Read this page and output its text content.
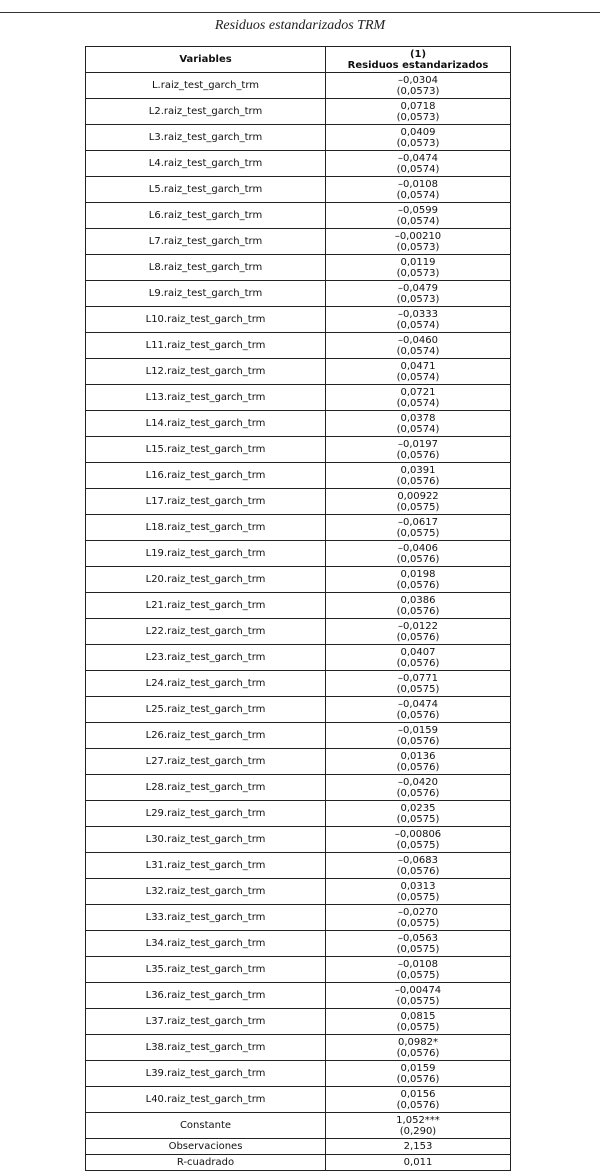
Residuos estandarizados TRM
Variables	(1)
Residuos estandarizados

L.raiz_test_garch_trm	–0,0304
(0,0573)

L2.raiz_test_garch_trm	0,0718
(0,0573)

L3.raiz_test_garch_trm	0,0409
(0,0573)

L4.raiz_test_garch_trm	–0,0474
(0,0574)

L5.raiz_test_garch_trm	–0,0108
(0,0574)

L6.raiz_test_garch_trm	–0,0599
(0,0574)

L7.raiz_test_garch_trm	–0,00210
(0,0573)

L8.raiz_test_garch_trm	0,0119
(0,0573)

L9.raiz_test_garch_trm	–0,0479
(0,0573)

L10.raiz_test_garch_trm	–0,0333
(0,0574)

L11.raiz_test_garch_trm	–0,0460
(0,0574)

L12.raiz_test_garch_trm	0,0471
(0,0574)

L13.raiz_test_garch_trm	0,0721
(0,0574)

L14.raiz_test_garch_trm	0,0378
(0,0574)

L15.raiz_test_garch_trm	–0,0197
(0,0576)

L16.raiz_test_garch_trm	0,0391
(0,0576)

L17.raiz_test_garch_trm	0,00922
(0,0575)

L18.raiz_test_garch_trm	–0,0617
(0,0575)

L19.raiz_test_garch_trm	–0,0406
(0,0576)

L20.raiz_test_garch_trm	0,0198
(0,0576)

L21.raiz_test_garch_trm	0,0386
(0,0576)

L22.raiz_test_garch_trm	–0,0122
(0,0576)

L23.raiz_test_garch_trm	0,0407
(0,0576)

L24.raiz_test_garch_trm	–0,0771
(0,0575)

L25.raiz_test_garch_trm	–0,0474
(0,0576)

L26.raiz_test_garch_trm	–0,0159
(0,0576)

L27.raiz_test_garch_trm	0,0136
(0,0576)

L28.raiz_test_garch_trm	–0,0420
(0,0576)

L29.raiz_test_garch_trm	0,0235
(0,0575)

L30.raiz_test_garch_trm	–0,00806
(0,0575)

L31.raiz_test_garch_trm	–0,0683
(0,0576)

L32.raiz_test_garch_trm	0,0313
(0,0575)

L33.raiz_test_garch_trm	–0,0270
(0,0575)

L34.raiz_test_garch_trm	–0,0563
(0,0575)

L35.raiz_test_garch_trm	–0,0108
(0,0575)

L36.raiz_test_garch_trm	–0,00474
(0,0575)

L37.raiz_test_garch_trm	0,0815
(0,0575)

L38.raiz_test_garch_trm	0,0982*
(0,0576)

L39.raiz_test_garch_trm	0,0159
(0,0576)

L40.raiz_test_garch_trm	0,0156
(0,0576)

Constante	1,052***
(0,290)

Observaciones	2,153
R-cuadrado	0,011
